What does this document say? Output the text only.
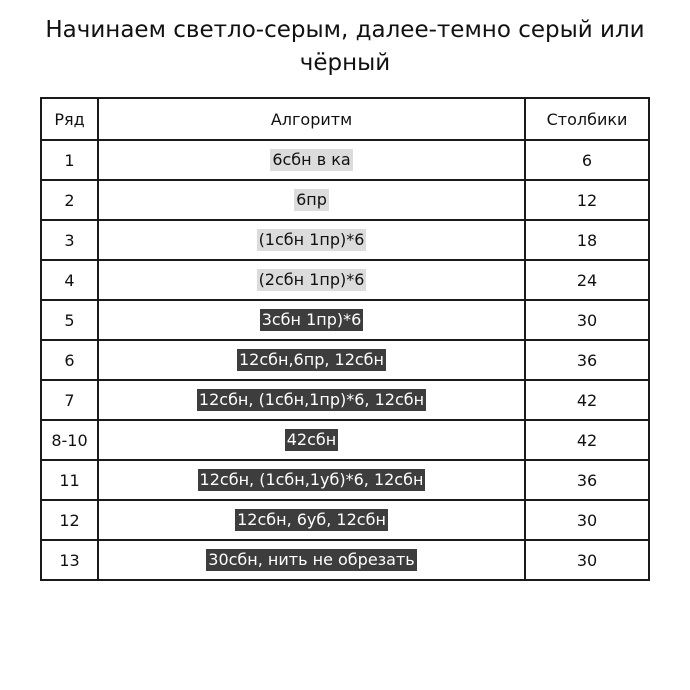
Начинаем светло-серым, далее-темно серый или
чёрный
Ряд	Алгоритм	Столбики
1	6сбн в ка	6
2	6пр	12
3	(1сбн 1пр)*6	18
4	(2сбн 1пр)*6	24
5	3сбн 1пр)*6	30
6	12сбн,6пр, 12сбн	36
7	12сбн, (1сбн,1пр)*6, 12сбн	42
8-10	42сбн	42
11	12сбн, (1сбн,1уб)*6, 12сбн	36
12	12сбн, 6уб, 12сбн	30
13	30сбн, нить не обрезать	30
